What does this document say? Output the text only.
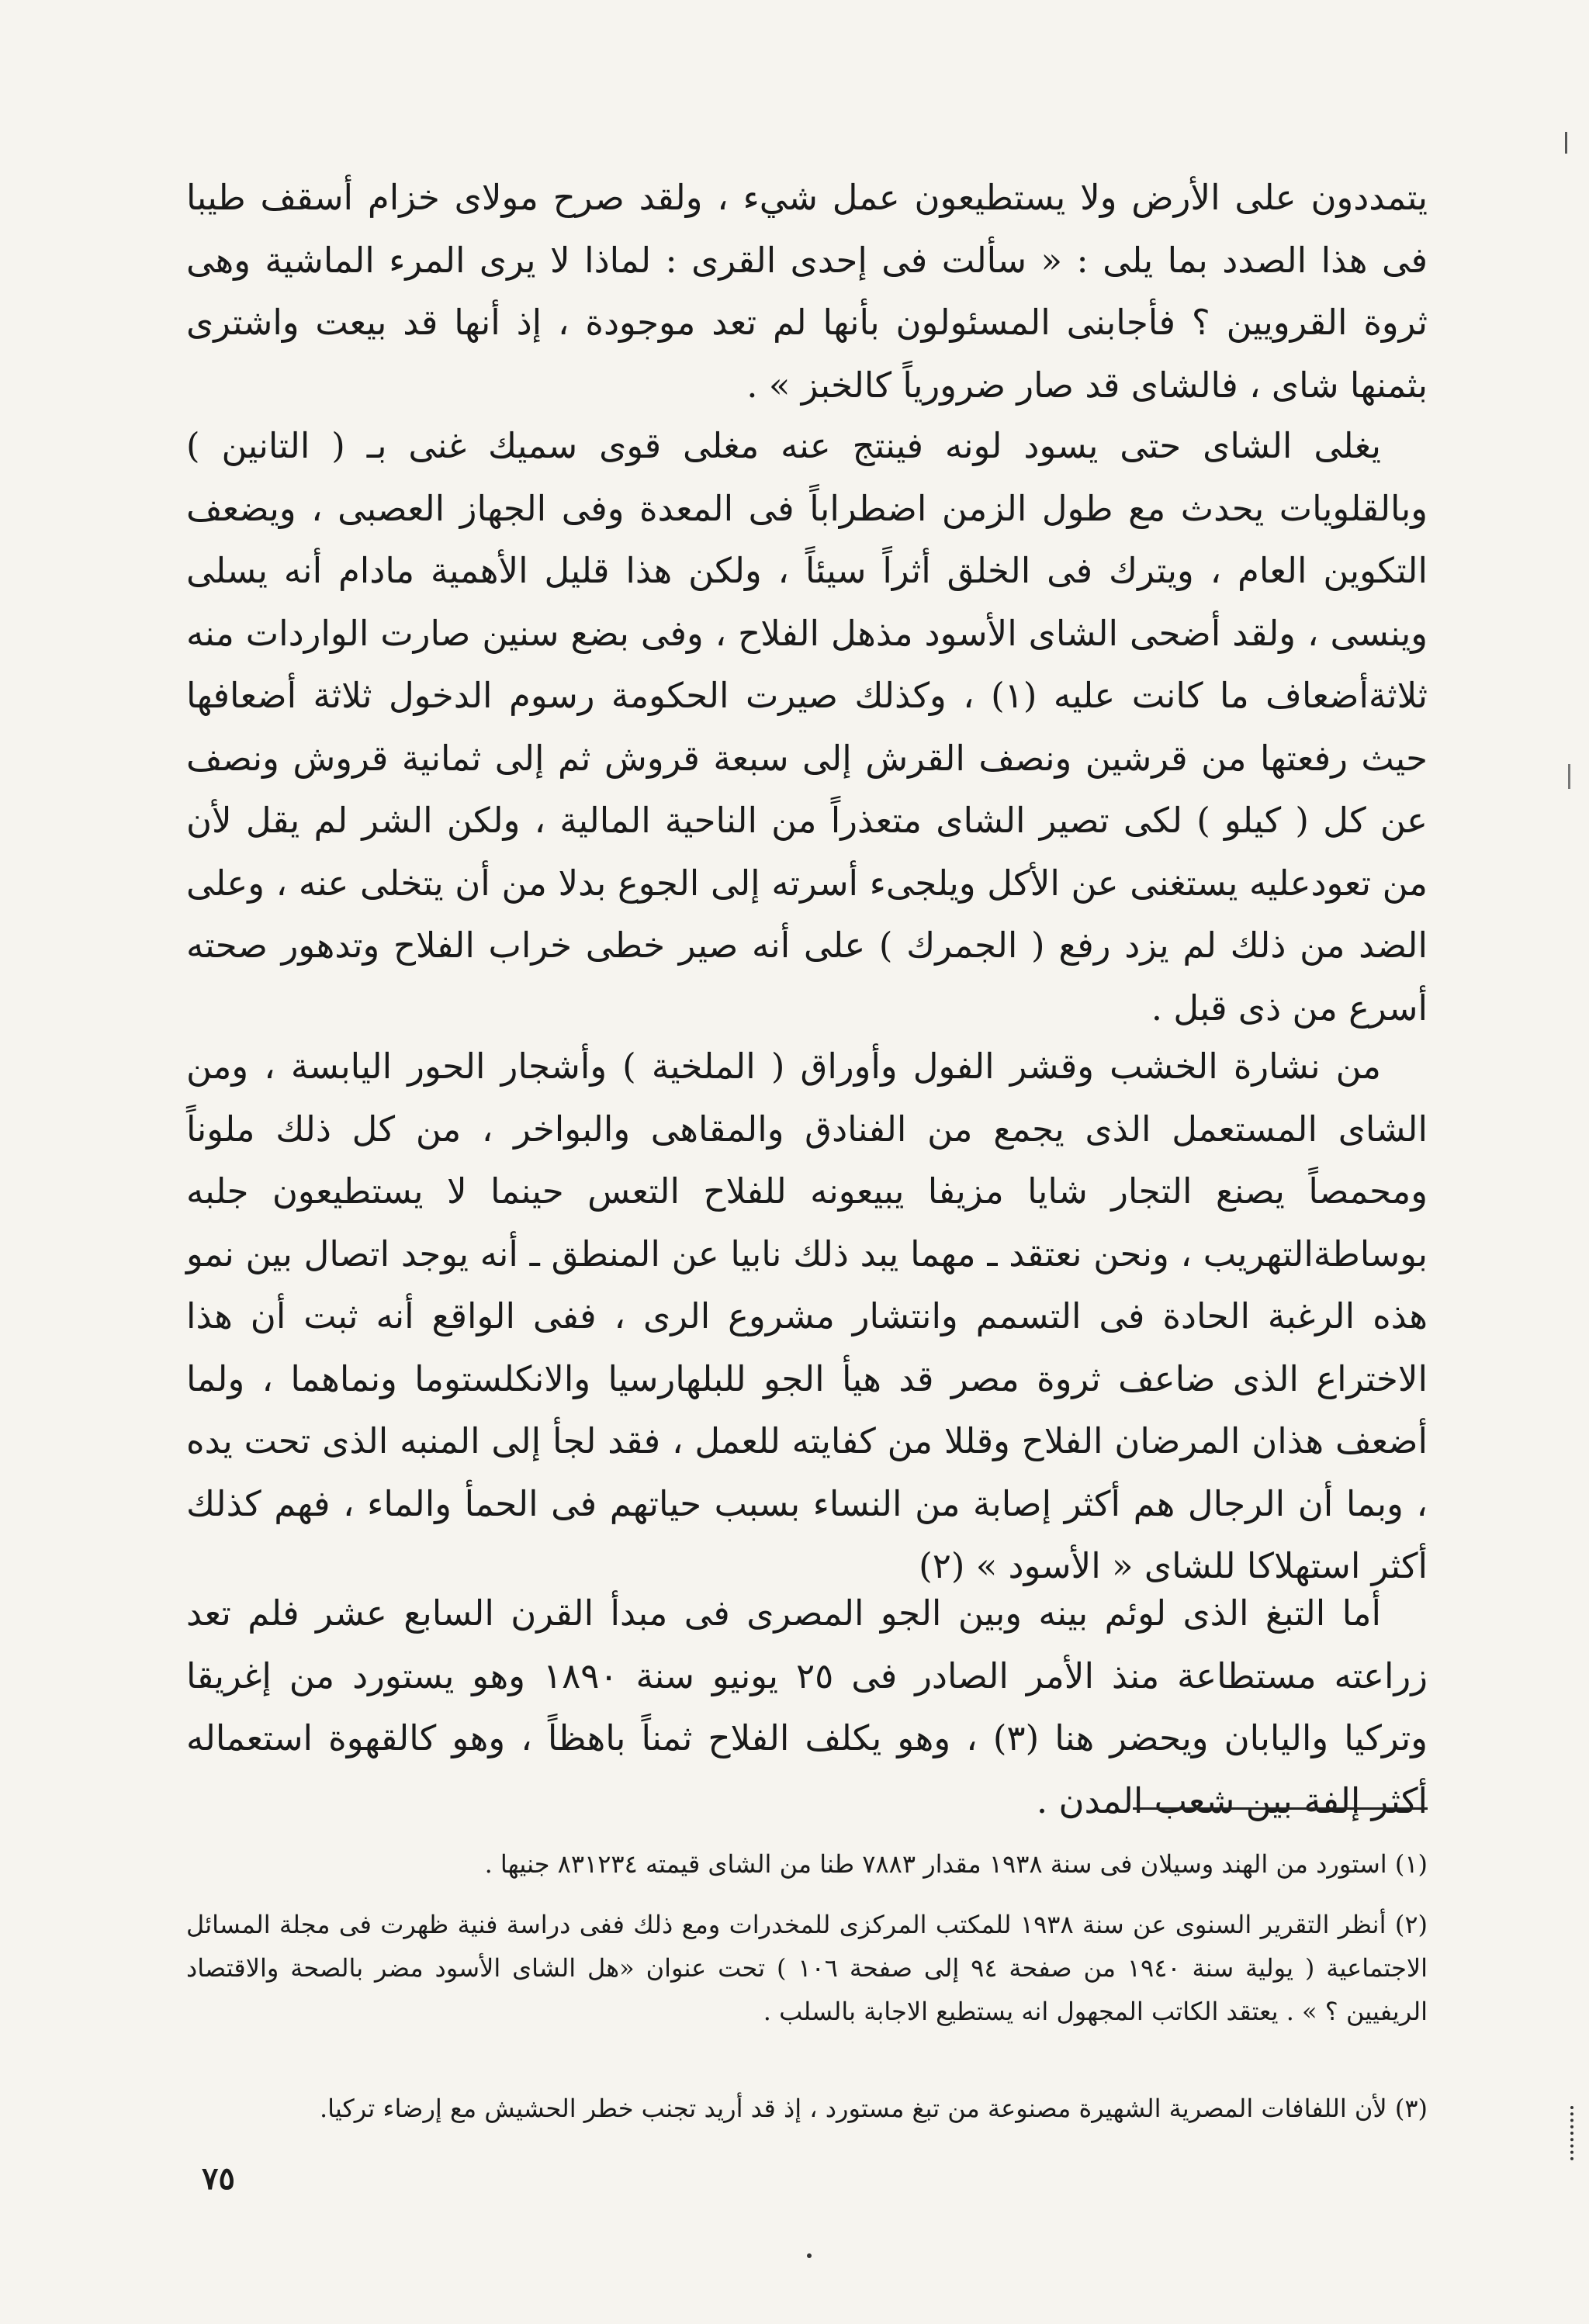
يتمددون على الأرض ولا يستطيعون عمل شيء ، ولقد صرح مولاى خزام أسقف طيبا فى هذا الصدد بما يلى : « سألت فى إحدى القرى : لماذا لا يرى المرء الماشية وهى ثروة القرويين ؟ فأجابنى المسئولون بأنها لم تعد موجودة ، إذ أنها قد بيعت واشترى بثمنها شاى ، فالشاى قد صار ضرورياً كالخبز » .

يغلى الشاى حتى يسود لونه فينتج عنه مغلى قوى سميك غنى بـ ( التانين ) وبالقلويات يحدث مع طول الزمن اضطراباً فى المعدة وفى الجهاز العصبى ، ويضعف التكوين العام ، ويترك فى الخلق أثراً سيئاً ، ولكن هذا قليل الأهمية مادام أنه يسلى وينسى ، ولقد أضحى الشاى الأسود مذهل الفلاح ، وفى بضع سنين صارت الواردات منه ثلاثةأضعاف ما كانت عليه (١) ، وكذلك صيرت الحكومة رسوم الدخول ثلاثة أضعافها حيث رفعتها من قرشين ونصف القرش إلى سبعة قروش ثم إلى ثمانية قروش ونصف عن كل ( كيلو ) لكى تصير الشاى متعذراً من الناحية المالية ، ولكن الشر لم يقل لأن من تعودعليه يستغنى عن الأكل ويلجىء أسرته إلى الجوع بدلا من أن يتخلى عنه ، وعلى الضد من ذلك لم يزد رفع ( الجمرك ) على أنه صير خطى خراب الفلاح وتدهور صحته أسرع من ذى قبل .

من نشارة الخشب وقشر الفول وأوراق ( الملخية ) وأشجار الحور اليابسة ، ومن الشاى المستعمل الذى يجمع من الفنادق والمقاهى والبواخر ، من كل ذلك ملوناً ومحمصاً يصنع التجار شايا مزيفا يبيعونه للفلاح التعس حينما لا يستطيعون جلبه بوساطةالتهريب ، ونحن نعتقد ـ مهما يبد ذلك نابيا عن المنطق ـ أنه يوجد اتصال بين نمو هذه الرغبة الحادة فى التسمم وانتشار مشروع الرى ، ففى الواقع أنه ثبت أن هذا الاختراع الذى ضاعف ثروة مصر قد هيأ الجو للبلهارسيا والانكلستوما ونماهما ، ولما أضعف هذان المرضان الفلاح وقللا من كفايته للعمل ، فقد لجأ إلى المنبه الذى تحت يده ، وبما أن الرجال هم أكثر إصابة من النساء بسبب حياتهم فى الحمأ والماء ، فهم كذلك أكثر استهلاكا للشاى « الأسود » (٢)

أما التبغ الذى لوئم بينه وبين الجو المصرى فى مبدأ القرن السابع عشر فلم تعد زراعته مستطاعة منذ الأمر الصادر فى ٢٥ يونيو سنة ١٨٩٠ وهو يستورد من إغريقا وتركيا واليابان ويحضر هنا (٣) ، وهو يكلف الفلاح ثمناً باهظاً ، وهو كالقهوة استعماله أكثر إلفة بين شعب المدن .

(١) استورد من الهند وسيلان فى سنة ١٩٣٨ مقدار ٧٨٨٣ طنا من الشاى قيمته ٨٣١٢٣٤ جنيها .

(٢) أنظر التقرير السنوى عن سنة ١٩٣٨ للمكتب المركزى للمخدرات ومع ذلك ففى دراسة فنية ظهرت فى مجلة المسائل الاجتماعية ( يولية سنة ١٩٤٠ من صفحة ٩٤ إلى صفحة ١٠٦ ) تحت عنوان «هل الشاى الأسود مضر بالصحة والاقتصاد الريفيين ؟ » . يعتقد الكاتب المجهول انه يستطيع الاجابة بالسلب .

(٣) لأن اللفافات المصرية الشهيرة مصنوعة من تبغ مستورد ، إذ قد أريد تجنب خطر الحشيش مع إرضاء تركيا.

٧٥
